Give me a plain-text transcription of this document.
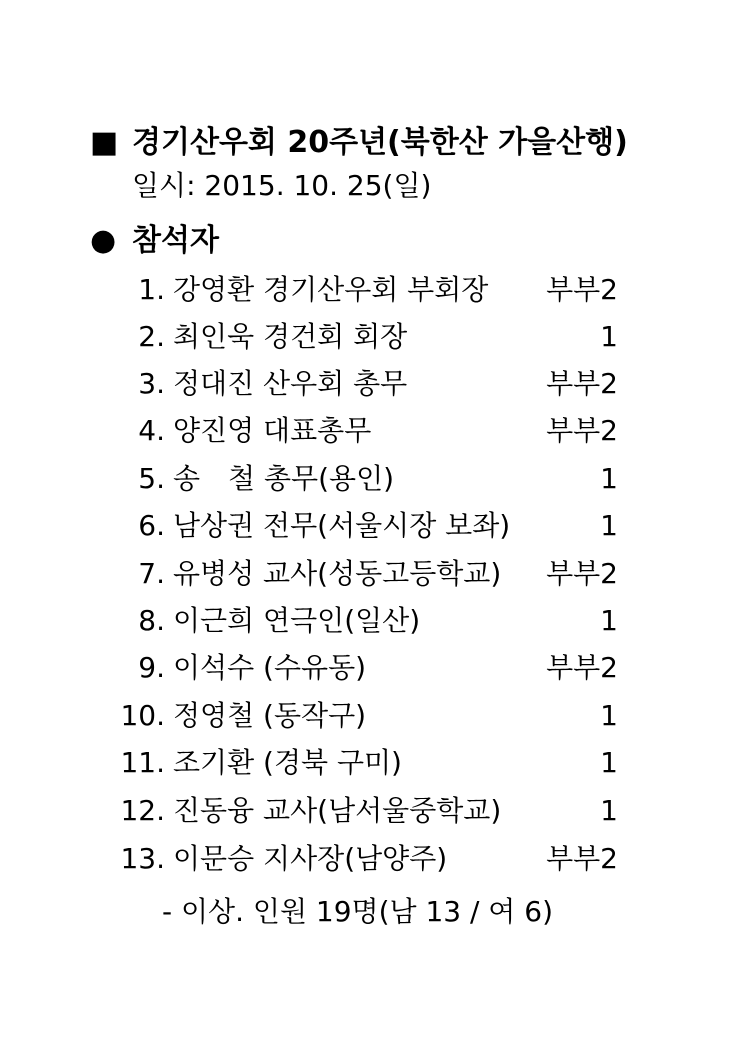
■ 경기산우회 20주년(북한산 가을산행)
일시: 2015. 10. 25(일)
● 참석자
1. 강영환 경기산우회 부회장 부부2
2. 최인욱 경건회 회장	1
3. 정대진 산우회 총무	부부2
4. 양진영 대표총무	부부2
5. 송　철 총무(용인)	1
6. 남상권 전무(서울시장 보좌)	1
7. 유병성 교사(성동고등학교) 부부2
8. 이근희 연극인(일산)	1
9. 이석수 (수유동)	부부2
10. 정영철 (동작구)	1
11. 조기환 (경북 구미)	1
12. 진동융 교사(남서울중학교)	1
13. 이문승 지사장(남양주)	부부2
- 이상. 인원 19명(남 13 / 여 6)
